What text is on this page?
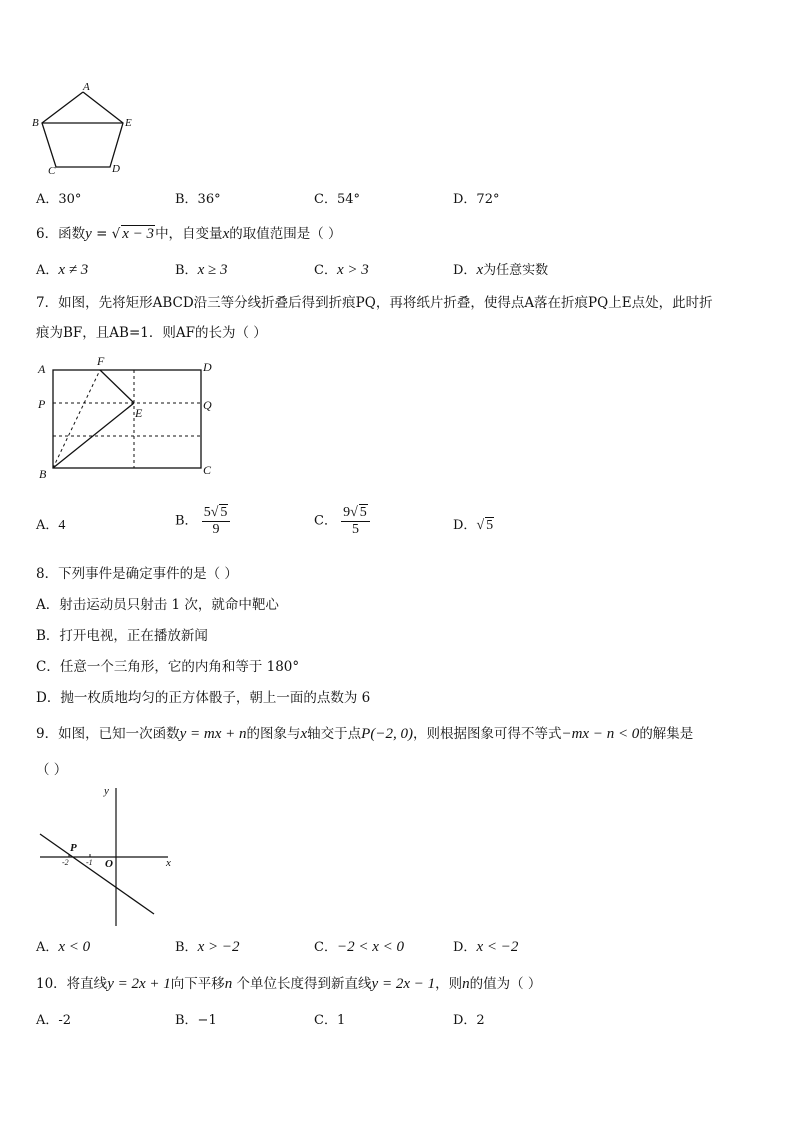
A
B	E
C	D
A．30°	B．36°	C．54°	D．72°
6．函数y = √ x − 3中，自变量x的取值范围是（ ）
A．x ≠ 3	B．x ≥ 3	C．x > 3	D．x为任意实数
7．如图，先将矩形ABCD沿三等分线折叠后得到折痕PQ，再将纸片折叠，使得点A落在折痕PQ上E点处，此时折
痕为BF，且AB=1．则AF的长为（ ）
A
F	D
P	Q
E
B	C
A．4	B． $\frac{5√ 5}{9}$	C． $\frac{9√ 5}{5}$	D．√ 5
8．下列事件是确定事件的是（ ）
A．射击运动员只射击 1 次，就命中靶心
B．打开电视，正在播放新闻
C．任意一个三角形，它的内角和等于 180°
D．抛一枚质地均匀的正方体骰子，朝上一面的点数为 6
9．如图，已知一次函数y = mx + n的图象与x轴交于点P(−2, 0)，则根据图象可得不等式−mx − n < 0的解集是
（ ）
y
x
O
P
-2 -1
A．x < 0	B．x > −2	C．−2 < x < 0	D．x < −2
10．将直线y = 2x + 1向下平移n 个单位长度得到新直线y = 2x − 1，则n的值为（ ）
A．-2	B．−1	C．1	D．2
